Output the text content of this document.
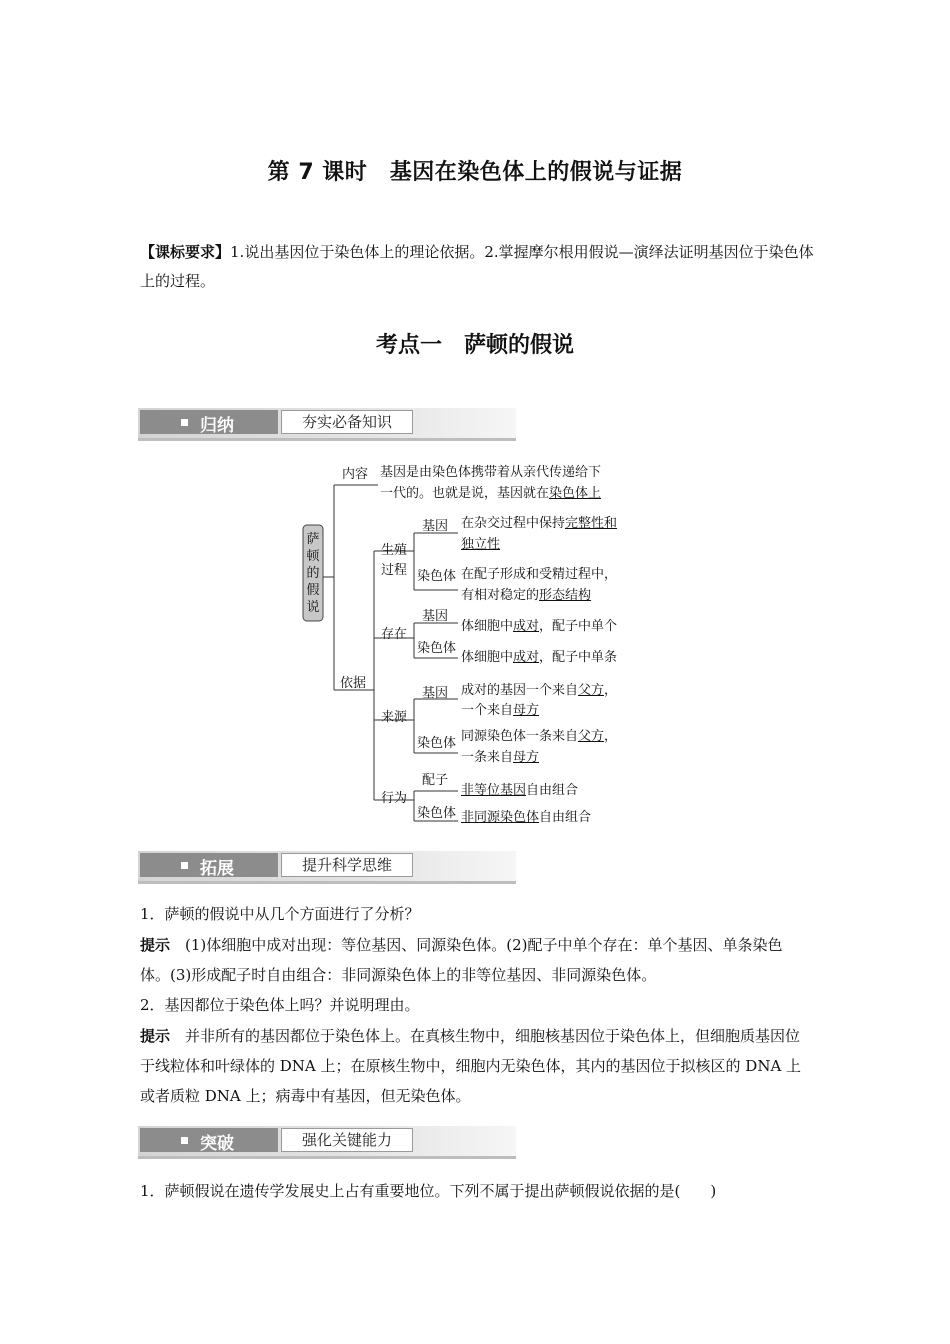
第 7 课时　基因在染色体上的假说与证据
【课标要求】1.说出基因位于染色体上的理论依据。2.掌握摩尔根用假说—演绎法证明基因位于染色体上的过程。
考点一　萨顿的假说
归纳	夯实必备知识
萨顿的假说
内容 基因是由染色体携带着从亲代传递给下
一代的。也就是说，基因就在染色体上
依据
生殖过程
基因 在杂交过程中保持完整性和
独立性
染色体 在配子形成和受精过程中，
有相对稳定的形态结构
存在
基因
体细胞中成对，配子中单个
染色体
体细胞中成对，配子中单条
来源
基因 成对的基因一个来自父方，
一个来自母方
染色体 同源染色体一条来自父方，
一条来自母方
行为
配子
非等位基因自由组合
染色体 非同源染色体自由组合
拓展	提升科学思维
1．萨顿的假说中从几个方面进行了分析？
提示　 (1)体细胞中成对出现：等位基因、同源染色体。(2)配子中单个存在：单个基因、单条染色体。(3)形成配子时自由组合：非同源染色体上的非等位基因、非同源染色体。
2．基因都位于染色体上吗？并说明理由。
提示　 并非所有的基因都位于染色体上。在真核生物中，细胞核基因位于染色体上，但细胞质基因位于线粒体和叶绿体的 DNA 上；在原核生物中，细胞内无染色体，其内的基因位于拟核区的 DNA 上或者质粒 DNA 上；病毒中有基因，但无染色体。
突破	强化关键能力
1．萨顿假说在遗传学发展史上占有重要地位。下列不属于提出萨顿假说依据的是(　　)
